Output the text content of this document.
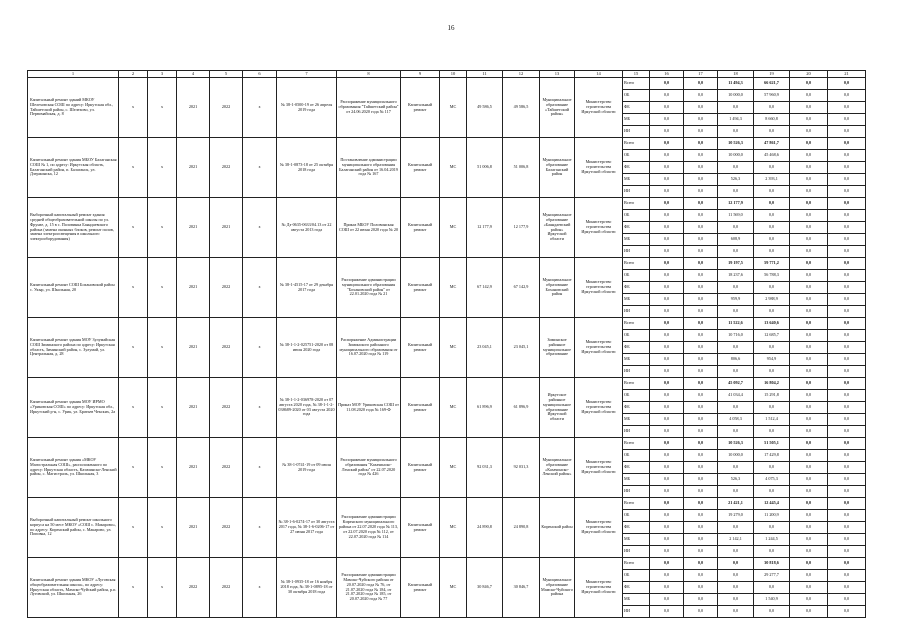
16
1	2	3	4	5	6	7	8	9	10	11	12	13	14	15	16	17	18	19	20	21
Капитальный ремонт зданий МКОУ Шелеховская СОШ по адресу: Иркутская обл., Тайшетский район, с. Шелехово, ул. Первомайская, д. 8	х	х	2021	2022	х	№ 38-1-0500-19 от 26 апреля 2019 года	Распоряжение муниципального образования "Тайшетский район" от 24.06.2020 года № 117	Капитальный ремонт	МС	49 586,5	49 586,5	Муниципальное образование «Тайшетский район»	Министерство строительства Иркутской области	Всего	0,0	0,0	11 494,3	66 621,7	0,0	0,0
														ОБ	0,0	0,0	10 000,0	57 960,9	0,0	0,0
														ФБ	0,0	0,0	0,0	0,0	0,0	0,0
														МБ	0,0	0,0	1 494,3	8 660,8	0,0	0,0
														ИИ	0,0	0,0	0,0	0,0	0,0	0,0
Капитальный ремонт здания МБОУ Балаганская СОШ № 1, по адресу: Иркутская область, Балаганский район, п. Балаганск, ул. Дзержинска, 12	х	х	2021	2022	х	№ 38-1-0873-18 от 25 октября 2018 года	Постановление администрации муниципального образования Балаганский район от 16.04.2019 года № 167	Капитальный ремонт	МС	51 006,8	51 006,8	Муниципальное образование Балаганский район	Министерство строительства Иркутской области	Всего	0,0	0,0	10 526,3	47 861,7	0,0	0,0
														ОБ	0,0	0,0	10 000,0	45 468,6	0,0	0,0
														ФБ	0,0	0,0	0,0	0,0	0,0	0,0
														МБ	0,0	0,0	526,3	2 393,1	0,0	0,0
														ИИ	0,0	0,0	0,0	0,0	0,0	0,0
Выборочный капитальный ремонт здания средней общеобразовательной школы по ул. Фрунзе, д. 15 в с. Половинка Баяндаевского района (замена оконных блоков, ремонт полов, замена электроосвещения в школьного электрооборудования)	х	х	2021	2021	х	№ Дз-0635-0633/04.13 от 22 августа 2013 года	Приказ МБОУ Половинская СОШ от 22 июня 2020 года № 20	Капитальный ремонт	МС	12 177,9	12 177,9	Муниципальное образование «Баяндаевский район» Иркутской области	Министерство строительства Иркутской области	Всего	0,0	0,0	12 177,9	0,0	0,0	0,0
														ОБ	0,0	0,0	11 569,0	0,0	0,0	0,0
														ФБ	0,0	0,0	0,0	0,0	0,0	0,0
														МБ	0,0	0,0	608,9	0,0	0,0	0,0
														ИИ	0,0	0,0	0,0	0,0	0,0	0,0
Капитальный ремонт СОШ Бохановский район с. Укыр, ул. Школьная, 20	х	х	2021	2022	х	№ 38-1-4515-17 от 29 декабря 2017 года	Распоряжение администрации муниципального образования "Бохановский район" от 22.01.2020 года № 21	Капитальный ремонт	МС	67 142,9	67 142,9	Муниципальное образование Бохановский район	Министерство строительства Иркутской области	Всего	0,0	0,0	19 197,5	59 771,2	0,0	0,0
														ОБ	0,0	0,0	18 237,6	56 788,3	0,0	0,0
														ФБ	0,0	0,0	0,0	0,0	0,0	0,0
														МБ	0,0	0,0	959,9	2 988,9	0,0	0,0
														ИИ	0,0	0,0	0,0	0,0	0,0	0,0
Капитальный ремонт здания МОУ Зулумайская СОШ Зиминского района по адресу: Иркутская область, Зиминский район, с. Зулумай, ул. Центральная, д. 28	х	х	2021	2022	х	№ 38-1-1-2-025751-2020 от 08 июля 2020 года	Распоряжение Администрации Зиминского районного муниципального образования от 16.07.2020 года № 119	Капитальный ремонт	МС	23 045,1	23 045,1	Зиминское районное муниципальное образование	Министерство строительства Иркутской области	Всего	0,0	0,0	11 522,6	13 640,6	0,0	0,0
														ОБ	0,0	0,0	10 716,0	12 685,7	0,0	0,0
														ФБ	0,0	0,0	0,0	0,0	0,0	0,0
														МБ	0,0	0,0	806,6	954,9	0,0	0,0
														ИИ	0,0	0,0	0,0	0,0	0,0	0,0
Капитальный ремонт здания МОУ ИРМО «Уриковская СОШ» по адресу: Иркутская обл., Иркутский р-н, с. Урик, ул. Братьев Чекских, 2а	х	х	2021	2022	х	№ 38-1-1-2-036978-2020 от 07 августа 2020 года, № 38-1-1-2-038689-2020 от 03 августа 2020 года	Приказ МОУ Уриковская СОШ от 11.08.2020 года № 169-Ф	Капитальный ремонт	МС	61 896,9	61 896,9	Иркутское районное муниципальное образование Иркутской области	Министерство строительства Иркутской области	Всего	0,0	0,0	45 092,7	16 804,2	0,0	0,0
														ОБ	0,0	0,0	41 034,4	15 291,8	0,0	0,0
														ФБ	0,0	0,0	0,0	0,0	0,0	0,0
														МБ	0,0	0,0	4 058,3	1 512,4	0,0	0,0
														ИИ	0,0	0,0	0,0	0,0	0,0	0,0
Капитальный ремонт здания «МКОУ Магистральная СОШ», расположенного по адресу: Иркутская область, Казачинско-Ленский район, с. Магистраль, ул. Школьная, 3	х	х	2021	2022	х	№ 38-1-0741-19 от 09 июля 2019 года	Распоряжение муниципального образования "Казачинско-Ленский район" от 22.07.2020 года № 426	Капитальный ремонт	МС	92 031,3	92 031,3	Муниципальное образование «Казачинско-Ленский район»	Министерство строительства Иркутской области	Всего	0,0	0,0	10 526,3	51 505,1	0,0	0,0
														ОБ	0,0	0,0	10 000,0	17 429,8	0,0	0,0
														ФБ	0,0	0,0	0,0	0,0	0,0	0,0
														МБ	0,0	0,0	526,3	4 075,3	0,0	0,0
														ИИ	0,0	0,0	0,0	0,0	0,0	0,0
Выборочный капитальный ремонт школьного корпуса на 50 мест МКОУ «СОШ с. Макарово», по адресу: Киренский район, с. Макарово, ул. Поповка, 12	х	х	2021	2022	х	№ 38-1-6-0274-17 от 30 августа 2017 года, № 38-1-6-0206-17 от 27 июня 2017 года	Распоряжение администрации Киренского муниципального района от 22.07.2020 года № 113, от 22.07.2020 года № 112, от 22.07.2020 года № 114	Капитальный ремонт	МС	24 890,8	24 890,8	Киренский район	Министерство строительства Иркутской области	Всего	0,0	0,0	21 421,1	12 445,4	0,0	0,0
														ОБ	0,0	0,0	19 279,0	11 200,9	0,0	0,0
														ФБ	0,0	0,0	0,0	0,0	0,0	0,0
														МБ	0,0	0,0	2 142,1	1 244,5	0,0	0,0
														ИИ	0,0	0,0	0,0	0,0	0,0	0,0
Капитальный ремонт здания МКОУ «Луговская общеобразовательная школа», по адресу: Иркутская область, Мамско-Чуйский район, р.п. Луговский, ул. Школьная, 26	х	х	2022	2022	х	№ 38-1-0935-18 от 16 ноября 2018 года, № 38-1-0895-18 от 30 октября 2018 года	Распоряжение администрации Мамско-Чуйского района от 20.07.2020 года № 76, от 21.07.2020 года № 184, от 21.07.2020 года № 185, от 20.07.2020 года № 77	Капитальный ремонт	МС	30 846,7	30 846,7	Муниципальное образование Мамско-Чуйского района	Министерство строительства Иркутской области	Всего	0,0	0,0	0,0	30 818,6	0,0	0,0
														ОБ	0,0	0,0	0,0	29 277,7	0,0	0,0
														ФБ	0,0	0,0	0,0	0,0	0,0	0,0
														МБ	0,0	0,0	0,0	1 540,9	0,0	0,0
														ИИ	0,0	0,0	0,0	0,0	0,0	0,0
